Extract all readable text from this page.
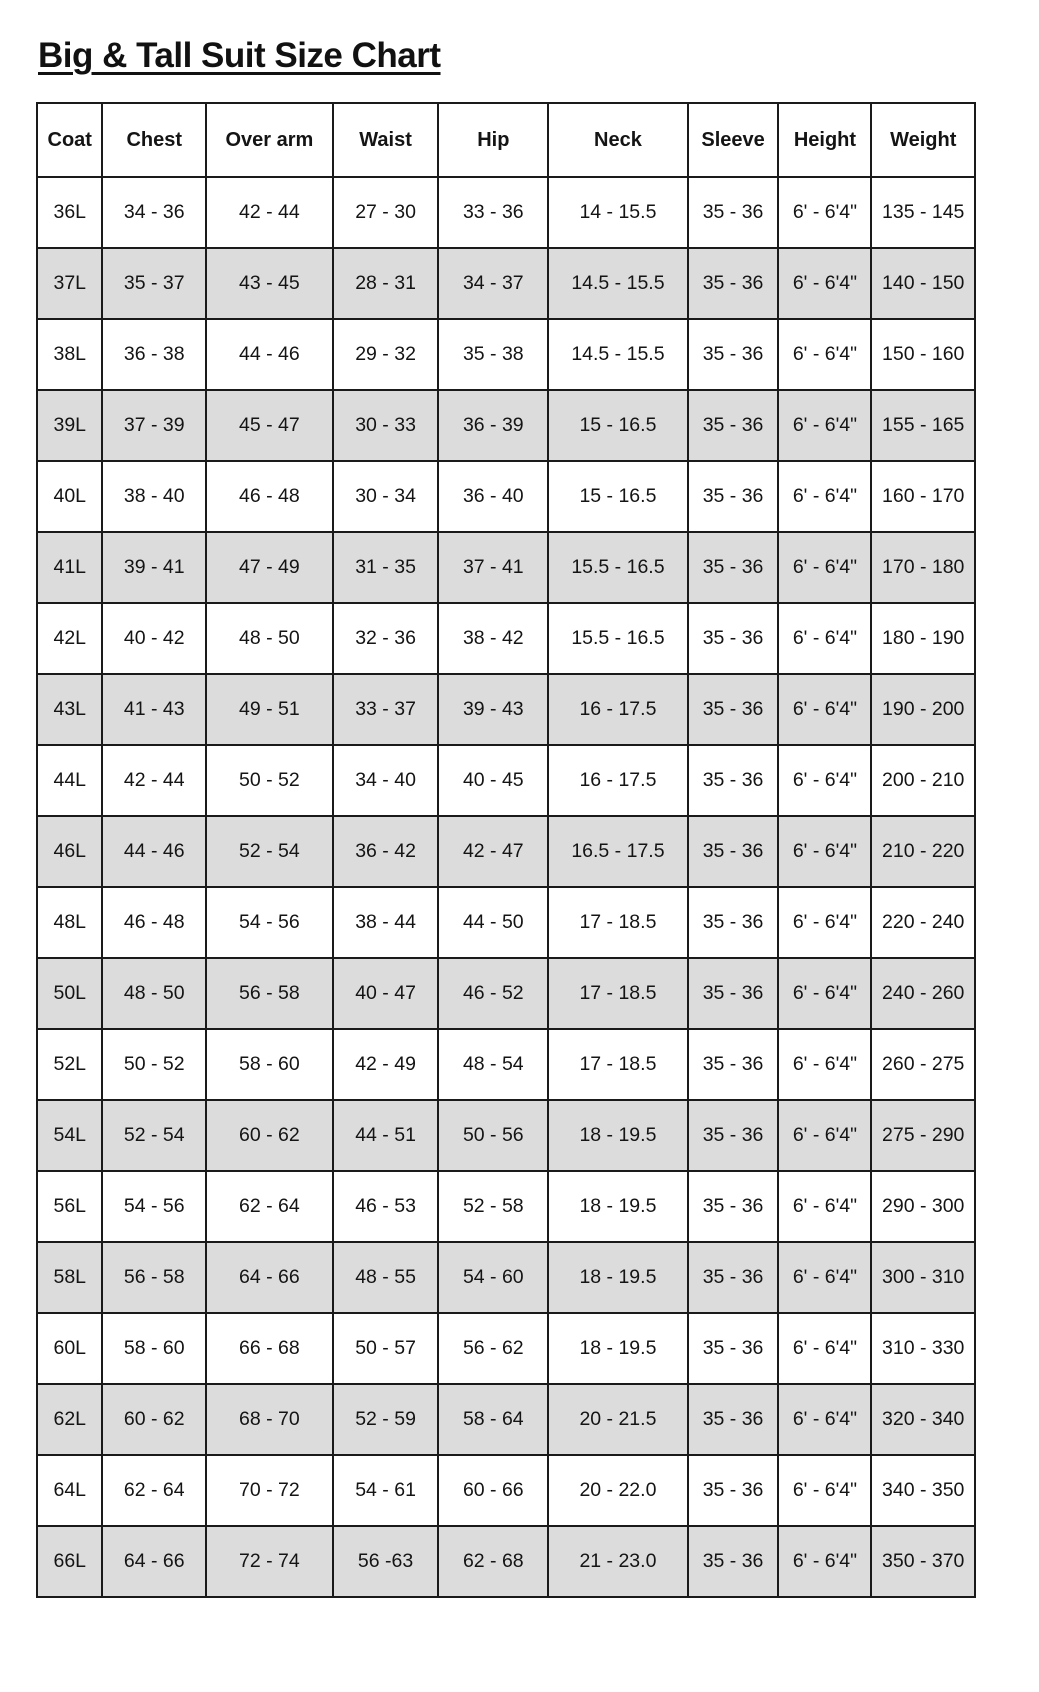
Big & Tall Suit Size Chart
Coat	Chest	Over arm	Waist	Hip	Neck	Sleeve	Height	Weight
36L	34 - 36	42 - 44	27 - 30	33 - 36	14 - 15.5	35 - 36	6' - 6'4"	135 - 145
37L	35 - 37	43 - 45	28 - 31	34 - 37	14.5 - 15.5	35 - 36	6' - 6'4"	140 - 150
38L	36 - 38	44 - 46	29 - 32	35 - 38	14.5 - 15.5	35 - 36	6' - 6'4"	150 - 160
39L	37 - 39	45 - 47	30 - 33	36 - 39	15 - 16.5	35 - 36	6' - 6'4"	155 - 165
40L	38 - 40	46 - 48	30 - 34	36 - 40	15 - 16.5	35 - 36	6' - 6'4"	160 - 170
41L	39 - 41	47 - 49	31 - 35	37 - 41	15.5 - 16.5	35 - 36	6' - 6'4"	170 - 180
42L	40 - 42	48 - 50	32 - 36	38 - 42	15.5 - 16.5	35 - 36	6' - 6'4"	180 - 190
43L	41 - 43	49 - 51	33 - 37	39 - 43	16 - 17.5	35 - 36	6' - 6'4"	190 - 200
44L	42 - 44	50 - 52	34 - 40	40 - 45	16 - 17.5	35 - 36	6' - 6'4"	200 - 210
46L	44 - 46	52 - 54	36 - 42	42 - 47	16.5 - 17.5	35 - 36	6' - 6'4"	210 - 220
48L	46 - 48	54 - 56	38 - 44	44 - 50	17 - 18.5	35 - 36	6' - 6'4"	220 - 240
50L	48 - 50	56 - 58	40 - 47	46 - 52	17 - 18.5	35 - 36	6' - 6'4"	240 - 260
52L	50 - 52	58 - 60	42 - 49	48 - 54	17 - 18.5	35 - 36	6' - 6'4"	260 - 275
54L	52 - 54	60 - 62	44 - 51	50 - 56	18 - 19.5	35 - 36	6' - 6'4"	275 - 290
56L	54 - 56	62 - 64	46 - 53	52 - 58	18 - 19.5	35 - 36	6' - 6'4"	290 - 300
58L	56 - 58	64 - 66	48 - 55	54 - 60	18 - 19.5	35 - 36	6' - 6'4"	300 - 310
60L	58 - 60	66 - 68	50 - 57	56 - 62	18 - 19.5	35 - 36	6' - 6'4"	310 - 330
62L	60 - 62	68 - 70	52 - 59	58 - 64	20 - 21.5	35 - 36	6' - 6'4"	320 - 340
64L	62 - 64	70 - 72	54 - 61	60 - 66	20 - 22.0	35 - 36	6' - 6'4"	340 - 350
66L	64 - 66	72 - 74	56 -63	62 - 68	21 - 23.0	35 - 36	6' - 6'4"	350 - 370
